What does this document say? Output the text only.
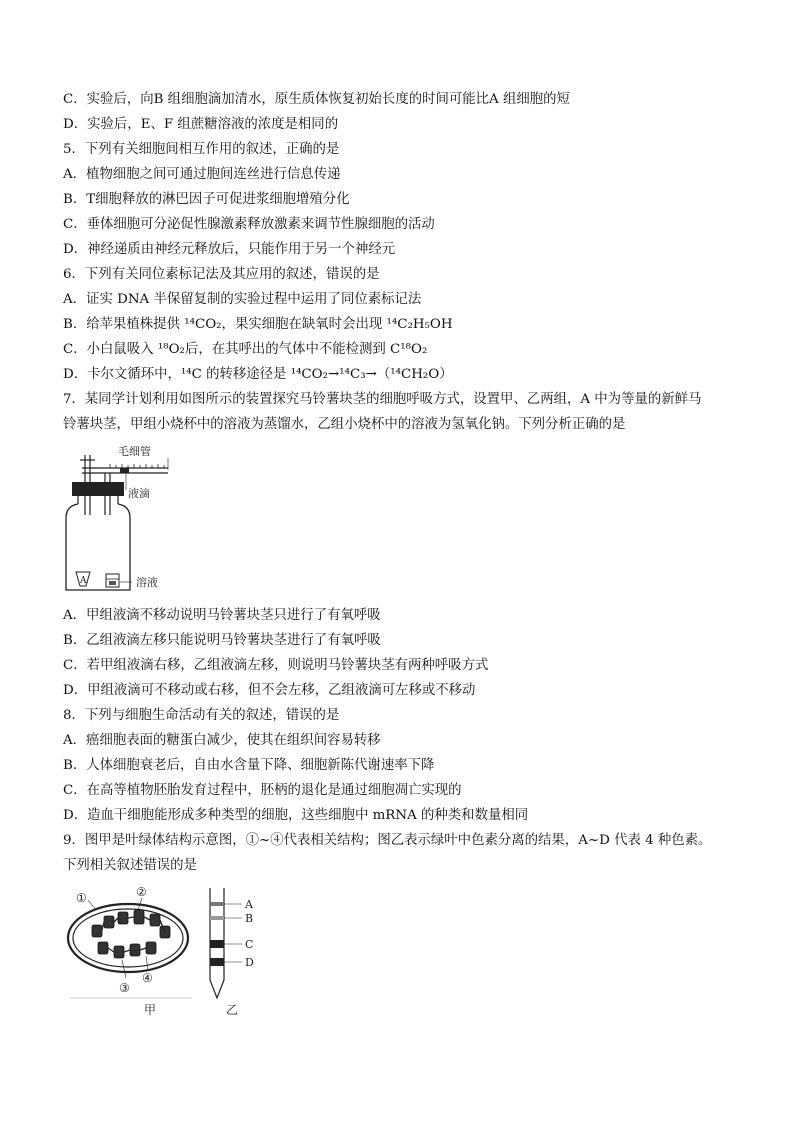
C．实验后，向B 组细胞滴加清水，原生质体恢复初始长度的时间可能比A 组细胞的短
D．实验后，E、F 组蔗糖溶液的浓度是相同的
5．下列有关细胞间相互作用的叙述，正确的是
A．植物细胞之间可通过胞间连丝进行信息传递
B．T细胞释放的淋巴因子可促进浆细胞增殖分化
C．垂体细胞可分泌促性腺激素释放激素来调节性腺细胞的活动
D．神经递质由神经元释放后，只能作用于另一个神经元
6．下列有关同位素标记法及其应用的叙述，错误的是
A．证实 DNA 半保留复制的实验过程中运用了同位素标记法
B．给苹果植株提供 ¹⁴CO₂，果实细胞在缺氧时会出现 ¹⁴C₂H₅OH
C．小白鼠吸入 ¹⁸O₂后，在其呼出的气体中不能检测到 C¹⁸O₂
D．卡尔文循环中，¹⁴C 的转移途径是 ¹⁴CO₂→¹⁴C₃→（¹⁴CH₂O）
7．某同学计划利用如图所示的装置探究马铃薯块茎的细胞呼吸方式，设置甲、乙两组，A 中为等量的新鲜马
铃薯块茎，甲组小烧杯中的溶液为蒸馏水，乙组小烧杯中的溶液为氢氧化钠。下列分析正确的是
A
毛细管
液滴
溶液
A．甲组液滴不移动说明马铃薯块茎只进行了有氧呼吸
B．乙组液滴左移只能说明马铃薯块茎进行了有氧呼吸
C．若甲组液滴右移，乙组液滴左移，则说明马铃薯块茎有两种呼吸方式
D．甲组液滴可不移动或右移，但不会左移，乙组液滴可左移或不移动
8．下列与细胞生命活动有关的叙述，错误的是
A．癌细胞表面的糖蛋白减少，使其在组织间容易转移
B．人体细胞衰老后，自由水含量下降、细胞新陈代谢速率下降
C．在高等植物胚胎发育过程中，胚柄的退化是通过细胞凋亡实现的
D．造血干细胞能形成多种类型的细胞，这些细胞中 mRNA 的种类和数量相同
9．图甲是叶绿体结构示意图，①~④代表相关结构；图乙表示绿叶中色素分离的结果，A~D 代表 4 种色素。
下列相关叙述错误的是
①	②
③
④
甲
A
B
C
D
乙
